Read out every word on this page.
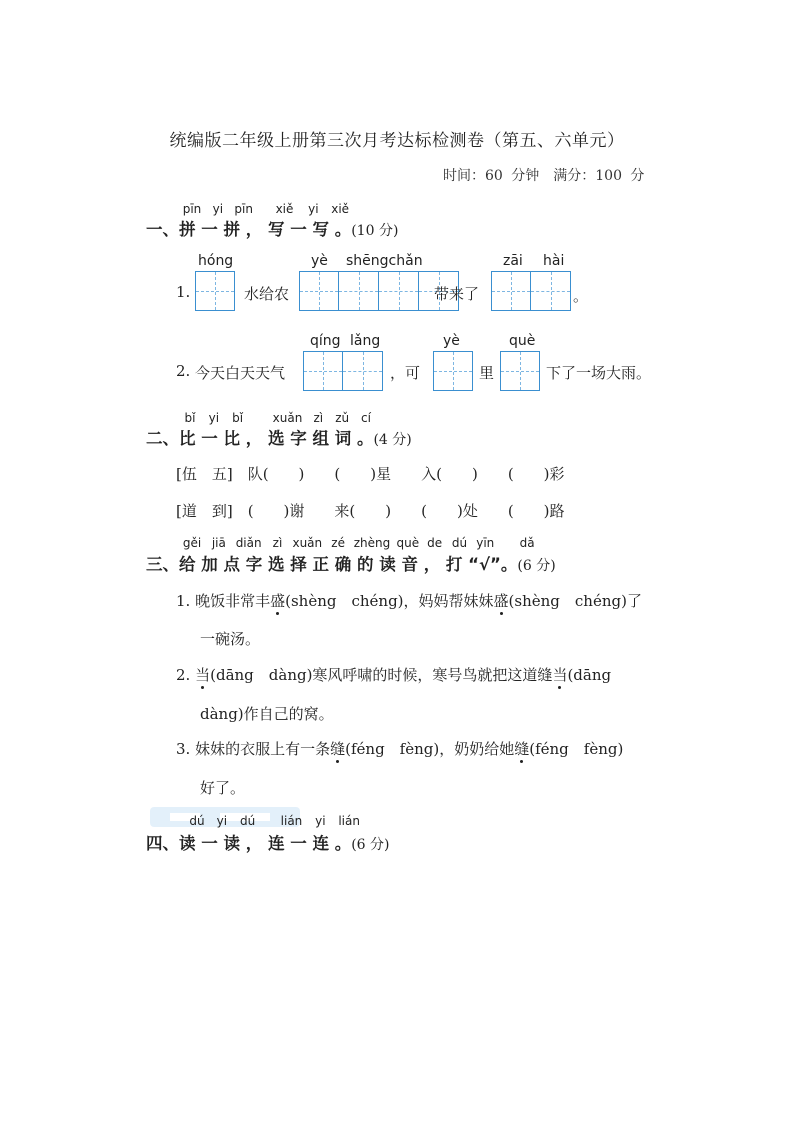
统编版二年级上册第三次月考达标检测卷（第五、六单元）
时间：60 分钟　满分：100 分
pīn yi pīn xiě yi xiě
一、拼 一 拼 ， 写 一 写 。(10 分)
hóng	yè shēngchǎn	zāi hài
1.	水给农	带来了	。
qíng lǎng	yè	què
2. 今天白天天气	，可	里	下了一场大雨。
bǐ yi bǐ xuǎn zì zǔ cí
二、比 一 比 ， 选 字 组 词 。(4 分)
[伍　五]　队(　　)　　(　　)星　　入(　　)　　(　　)彩
[道　到]　(　　)谢　　来(　　)　　(　　)处　　(　　)路
gěi jiā diǎn zì xuǎn zé zhèng què de dú yīn dǎ
三、给 加 点 字 选 择 正 确 的 读 音 ， 打 “√”。(6 分)
1. 晚饭非常丰盛(shèng　chéng)，妈妈帮妹妹盛(shèng　chéng)了
一碗汤。
2. 当(dāng　dàng)寒风呼啸的时候，寒号鸟就把这道缝当(dāng
dàng)作自己的窝。
3. 妹妹的衣服上有一条缝(féng　fèng)，奶奶给她缝(féng　fèng)
好了。
dú yi dú lián yi lián
四、读 一 读 ， 连 一 连 。(6 分)
